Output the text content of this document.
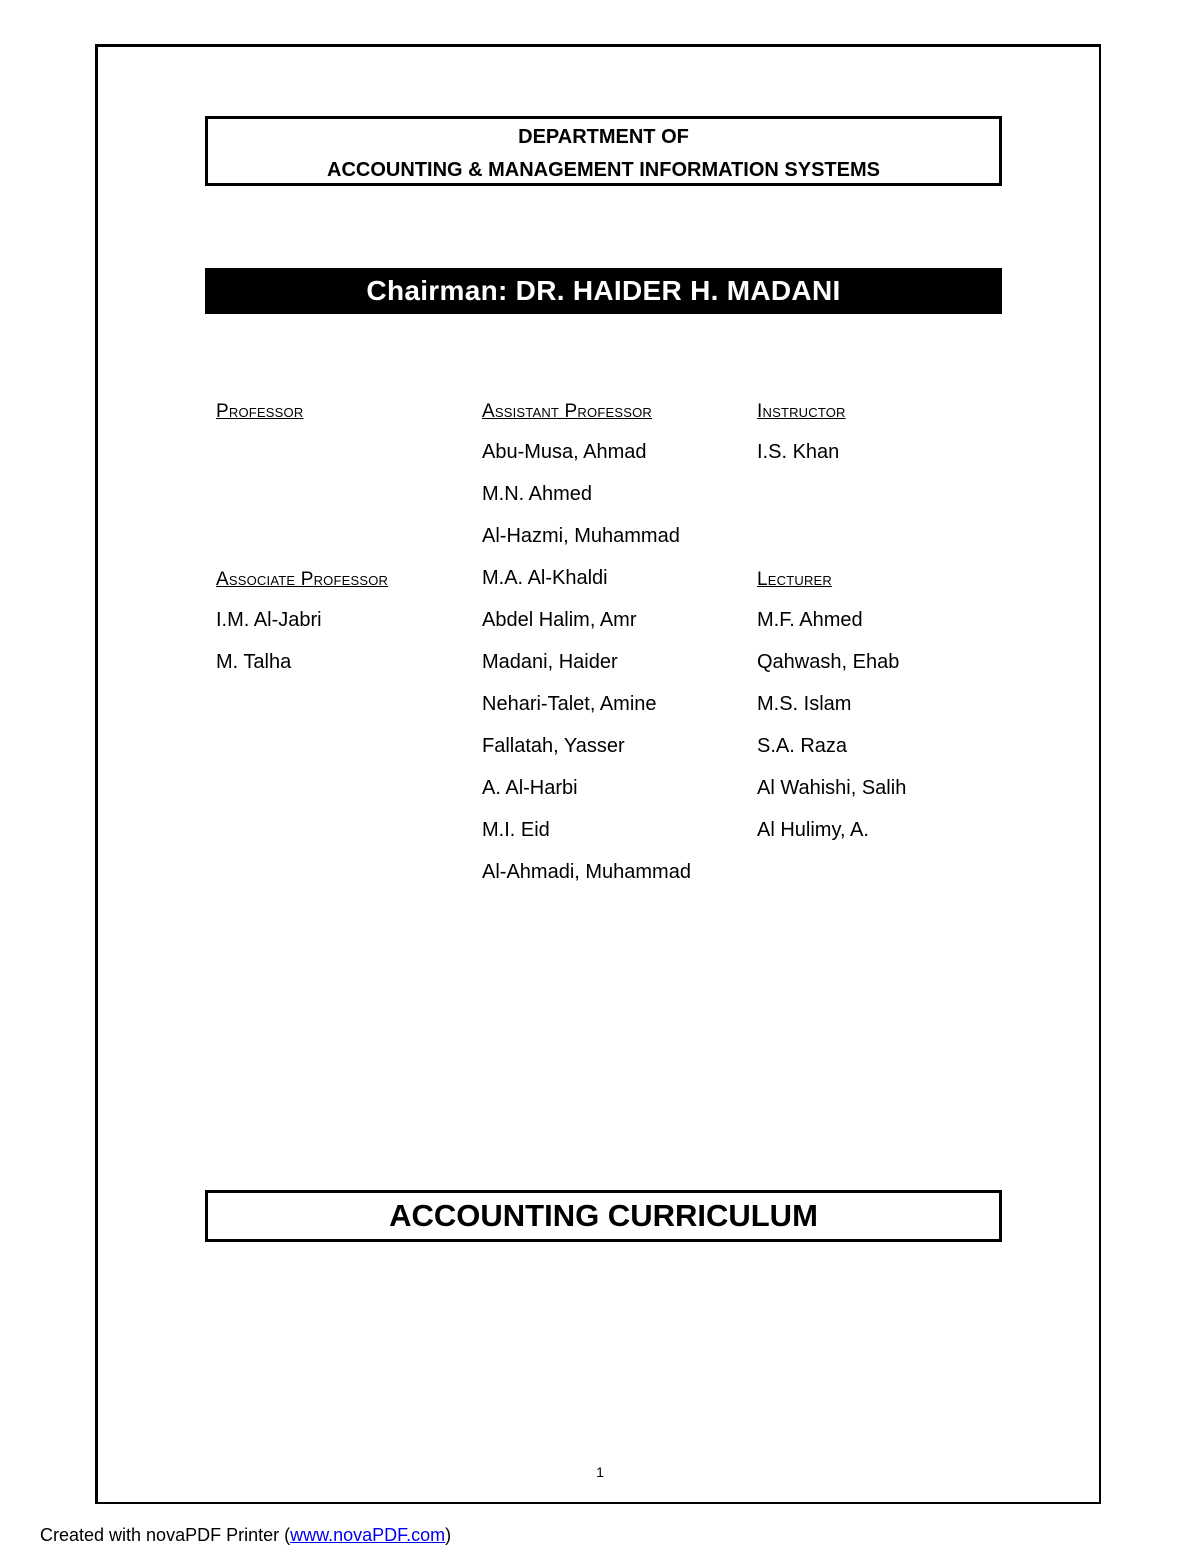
DEPARTMENT OF
ACCOUNTING & MANAGEMENT INFORMATION SYSTEMS
Chairman: DR. HAIDER H. MADANI
Professor
Associate Professor
I.M. Al-Jabri
M. Talha
Assistant Professor
Abu-Musa, Ahmad
M.N. Ahmed
Al-Hazmi, Muhammad
M.A. Al-Khaldi
Abdel Halim, Amr
Madani, Haider
Nehari-Talet, Amine
Fallatah, Yasser
A. Al-Harbi
M.I. Eid
Al-Ahmadi, Muhammad
Instructor
I.S. Khan
Lecturer
M.F. Ahmed
Qahwash, Ehab
M.S. Islam
S.A. Raza
Al Wahishi, Salih
Al Hulimy, A.
ACCOUNTING CURRICULUM
1
Created with novaPDF Printer (www.novaPDF.com)
